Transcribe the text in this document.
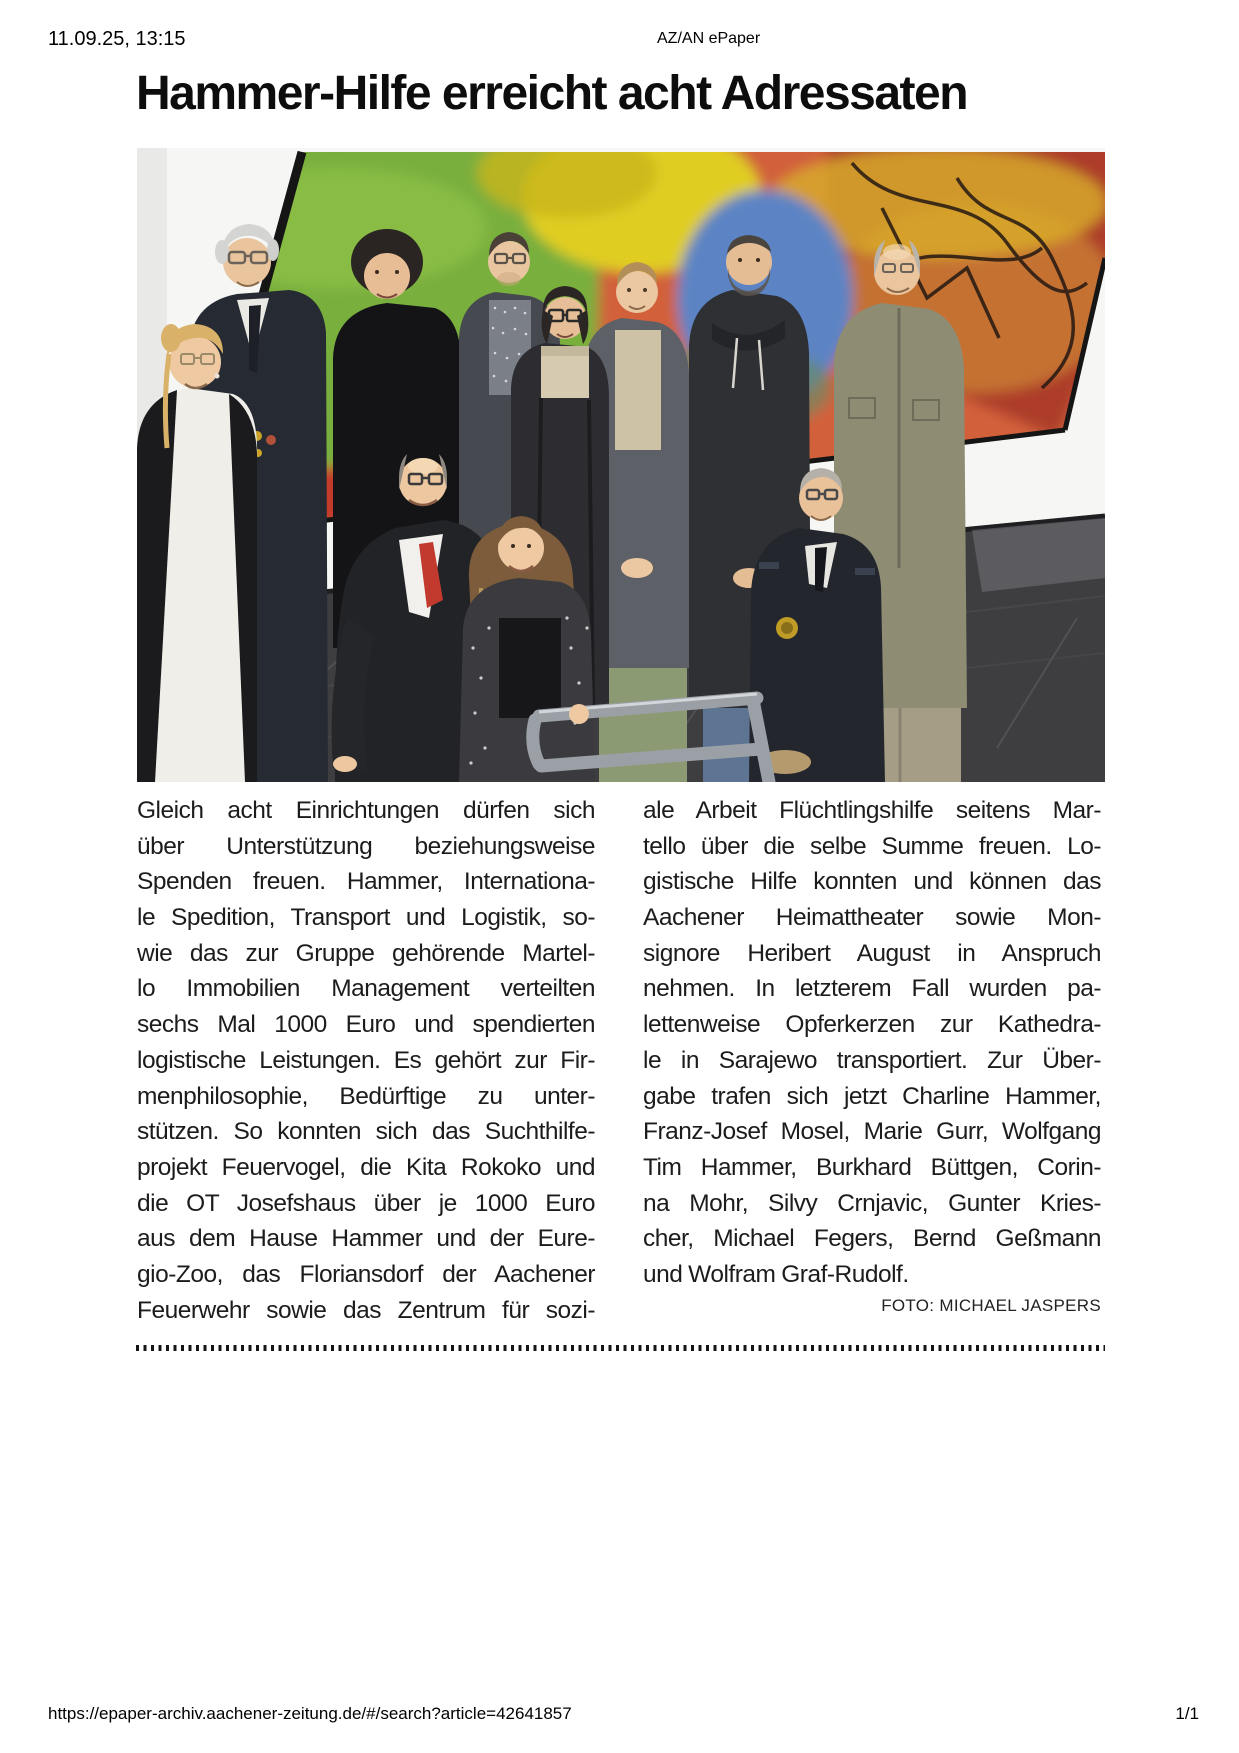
11.09.25, 13:15	AZ/AN ePaper
Hammer-Hilfe erreicht acht Adressaten
Gleich acht Einrichtungen dürfen sich
über Unterstützung beziehungsweise
Spenden freuen. Hammer, Internationa-
le Spedition, Transport und Logistik, so-
wie das zur Gruppe gehörende Martel-
lo Immobilien Management verteilten
sechs Mal 1000 Euro und spendierten
logistische Leistungen. Es gehört zur Fir-
menphilosophie, Bedürftige zu unter-
stützen. So konnten sich das Suchthilfe-
projekt Feuervogel, die Kita Rokoko und
die OT Josefshaus über je 1000 Euro
aus dem Hause Hammer und der Eure-
gio-Zoo, das Floriansdorf der Aachener
Feuerwehr sowie das Zentrum für sozi-
ale Arbeit Flüchtlingshilfe seitens Mar-
tello über die selbe Summe freuen. Lo-
gistische Hilfe konnten und können das
Aachener Heimattheater sowie Mon-
signore Heribert August in Anspruch
nehmen. In letzterem Fall wurden pa-
lettenweise Opferkerzen zur Kathedra-
le in Sarajewo transportiert. Zur Über-
gabe trafen sich jetzt Charline Hammer,
Franz-Josef Mosel, Marie Gurr, Wolfgang
Tim Hammer, Burkhard Büttgen, Corin-
na Mohr, Silvy Crnjavic, Gunter Kries-
cher, Michael Fegers, Bernd Geßmann
und Wolfram Graf-Rudolf.
FOTO: MICHAEL JASPERS
https://epaper-archiv.aachener-zeitung.de/#/search?article=42641857	1/1
